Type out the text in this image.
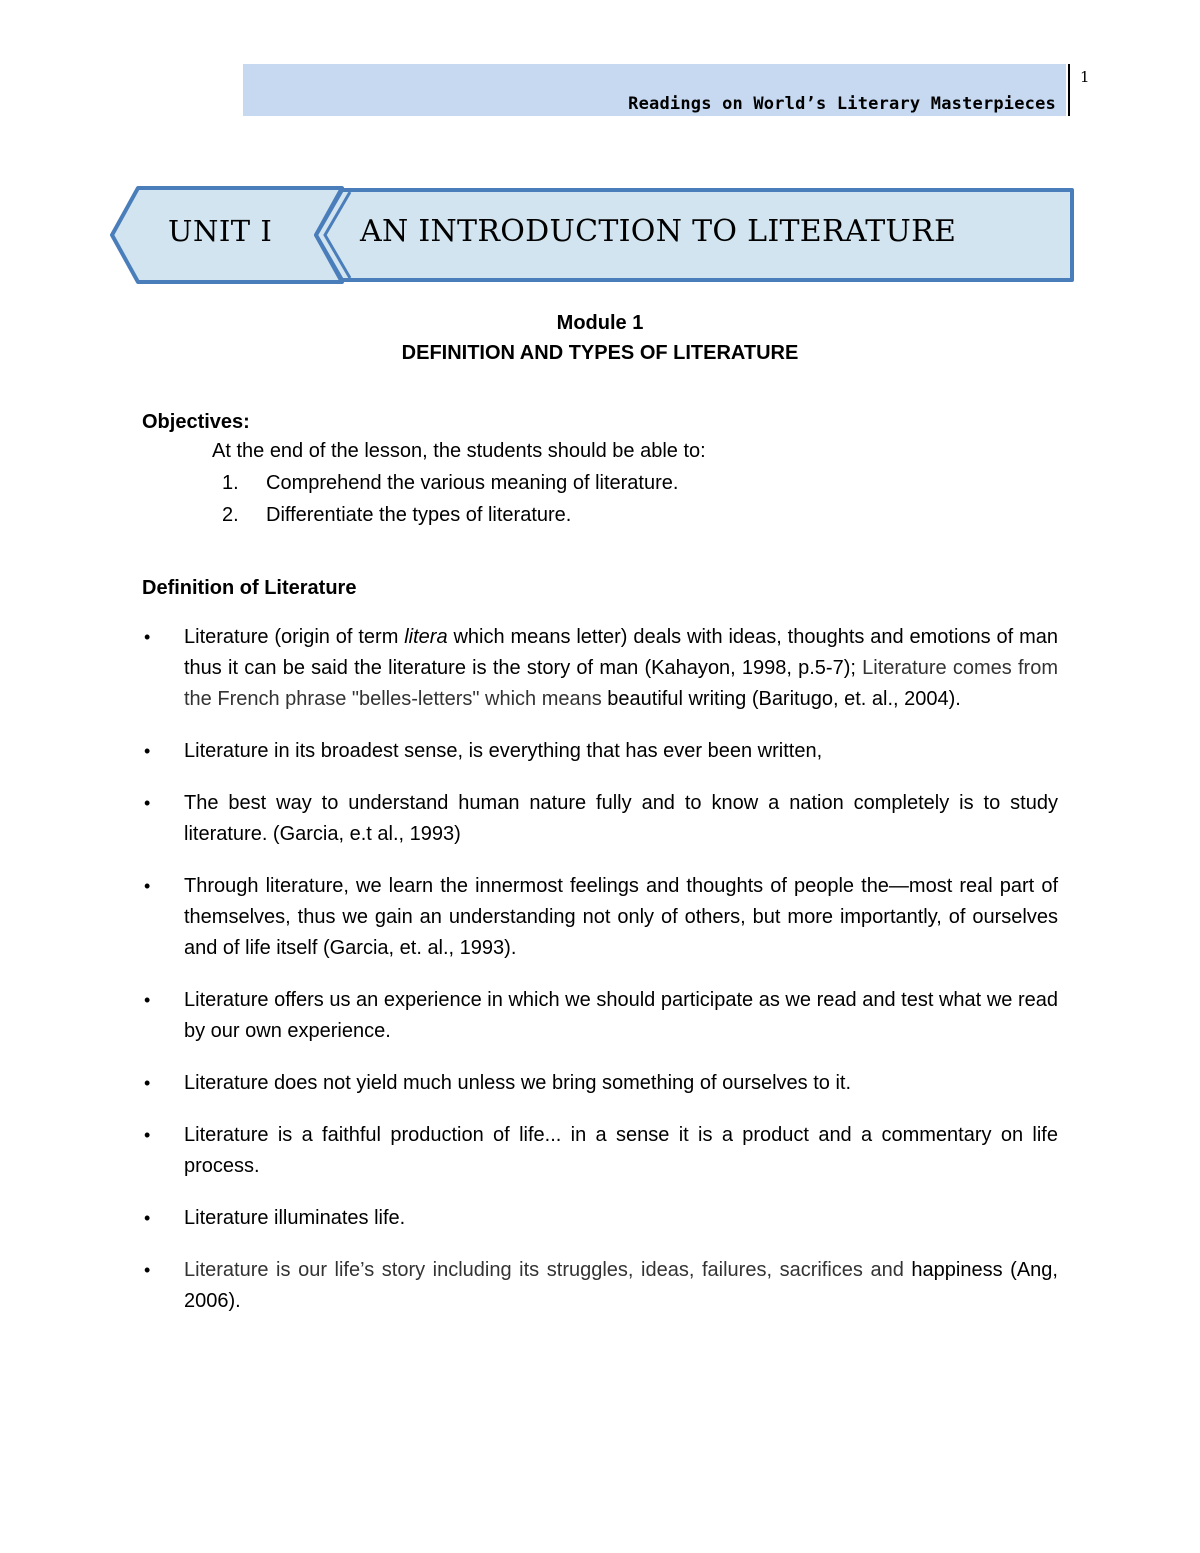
Readings on World’s Literary Masterpieces
1
UNIT I	AN INTRODUCTION TO LITERATURE
Module 1
DEFINITION AND TYPES OF LITERATURE
Objectives:
At the end of the lesson, the students should be able to:
1. Comprehend the various meaning of literature.
2. Differentiate the types of literature.
Definition of Literature
• Literature (origin of term litera which means letter) deals with ideas, thoughts and emotions of man thus it can be said the literature is the story of man (Kahayon, 1998, p.5-7); Literature comes from the French phrase "belles-letters" which means beautiful writing (Baritugo, et. al., 2004).
• Literature in its broadest sense, is everything that has ever been written,
• The best way to understand human nature fully and to know a nation completely is to study literature. (Garcia, e.t al., 1993)
• Through literature, we learn the innermost feelings and thoughts of people the—most real part of themselves, thus we gain an understanding not only of others, but more importantly, of ourselves and of life itself (Garcia, et. al., 1993).
• Literature offers us an experience in which we should participate as we read and test what we read by our own experience.
• Literature does not yield much unless we bring something of ourselves to it.
• Literature is a faithful production of life... in a sense it is a product and a commentary on life process.
• Literature illuminates life.
• Literature is our life’s story including its struggles, ideas, failures, sacrifices and happiness (Ang, 2006).
